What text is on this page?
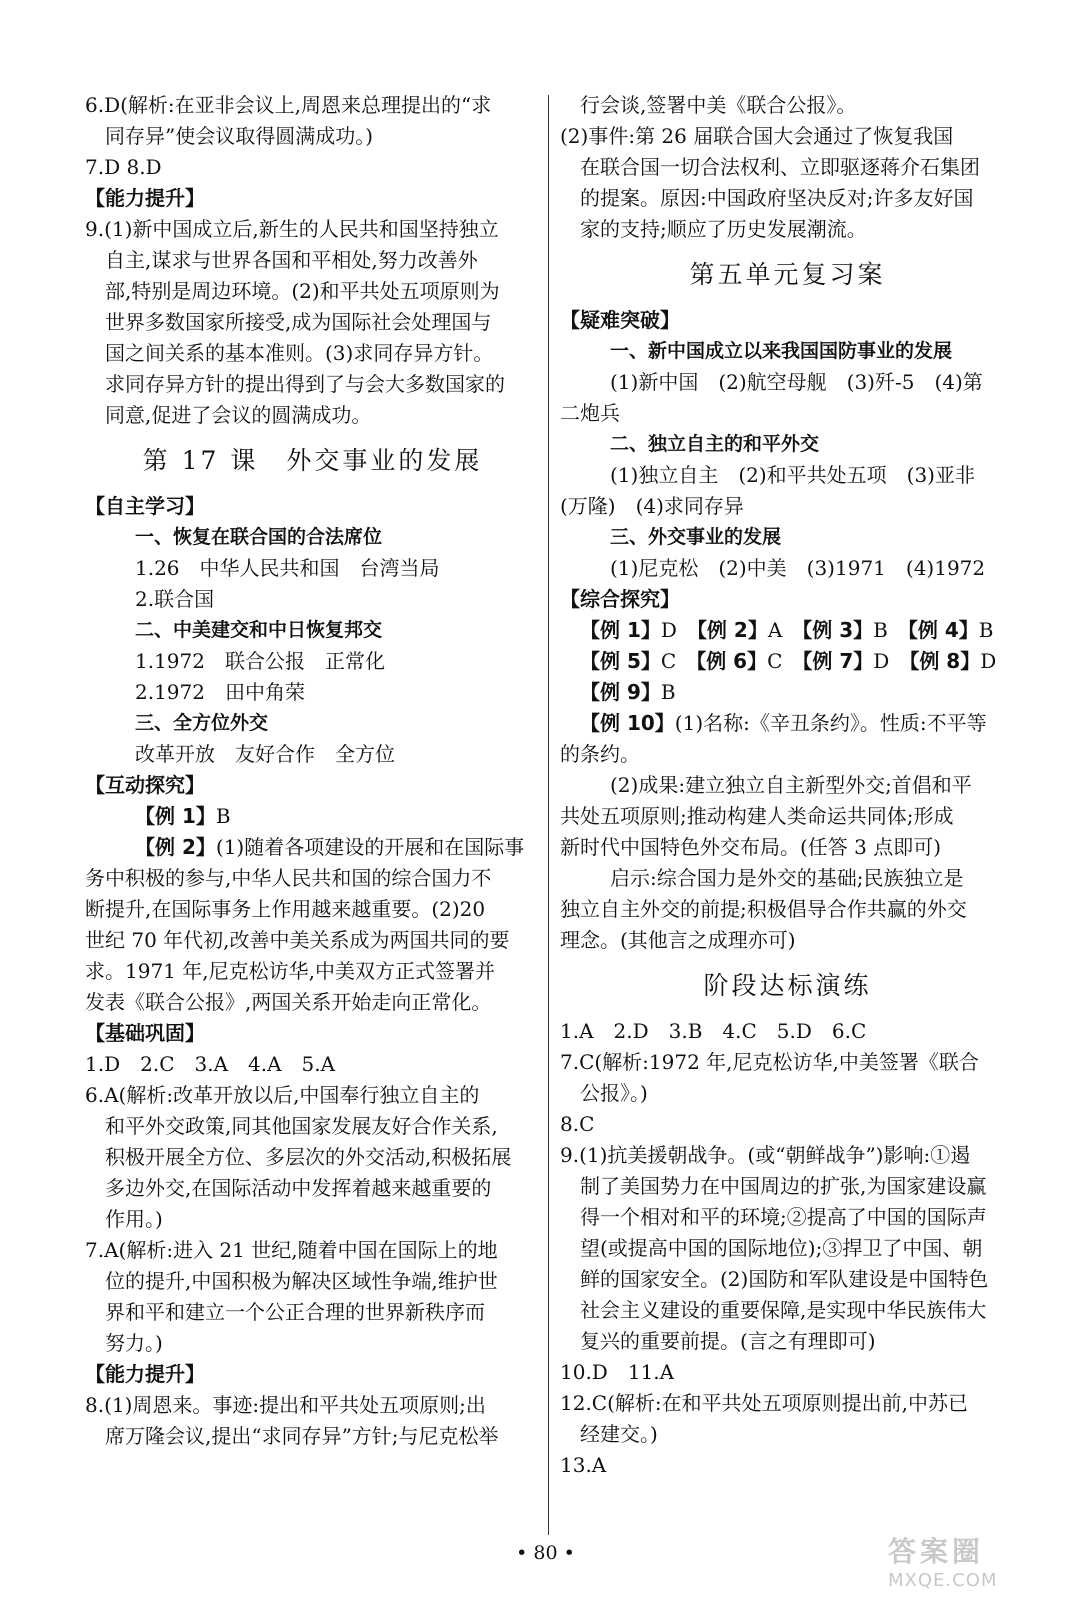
6.D(解析:在亚非会议上,周恩来总理提出的“求
同存异”使会议取得圆满成功。)
7.D 8.D
【能力提升】
9.(1)新中国成立后,新生的人民共和国坚持独立
自主,谋求与世界各国和平相处,努力改善外
部,特别是周边环境。(2)和平共处五项原则为
世界多数国家所接受,成为国际社会处理国与
国之间关系的基本准则。(3)求同存异方针。
求同存异方针的提出得到了与会大多数国家的
同意,促进了会议的圆满成功。
第 17 课　外交事业的发展
【自主学习】
一、恢复在联合国的合法席位
1.26　中华人民共和国　台湾当局
2.联合国
二、中美建交和中日恢复邦交
1.1972　联合公报　正常化
2.1972　田中角荣
三、全方位外交
改革开放　友好合作　全方位
【互动探究】
【例 1】B
【例 2】(1)随着各项建设的开展和在国际事
务中积极的参与,中华人民共和国的综合国力不
断提升,在国际事务上作用越来越重要。(2)20
世纪 70 年代初,改善中美关系成为两国共同的要
求。1971 年,尼克松访华,中美双方正式签署并
发表《联合公报》,两国关系开始走向正常化。
【基础巩固】
1.D　2.C　3.A　4.A　5.A
6.A(解析:改革开放以后,中国奉行独立自主的
和平外交政策,同其他国家发展友好合作关系,
积极开展全方位、多层次的外交活动,积极拓展
多边外交,在国际活动中发挥着越来越重要的
作用。)
7.A(解析:进入 21 世纪,随着中国在国际上的地
位的提升,中国积极为解决区域性争端,维护世
界和平和建立一个公正合理的世界新秩序而
努力。)
【能力提升】
8.(1)周恩来。事迹:提出和平共处五项原则;出
席万隆会议,提出“求同存异”方针;与尼克松举
行会谈,签署中美《联合公报》。
(2)事件:第 26 届联合国大会通过了恢复我国
在联合国一切合法权利、立即驱逐蒋介石集团
的提案。原因:中国政府坚决反对;许多友好国
家的支持;顺应了历史发展潮流。
第五单元复习案
【疑难突破】
一、新中国成立以来我国国防事业的发展
(1)新中国　(2)航空母舰　(3)歼-5　(4)第
二炮兵
二、独立自主的和平外交
(1)独立自主　(2)和平共处五项　(3)亚非
(万隆)　(4)求同存异
三、外交事业的发展
(1)尼克松　(2)中美　(3)1971　(4)1972
【综合探究】
【例 1】D　【例 2】A　【例 3】B　【例 4】B
【例 5】C　【例 6】C　【例 7】D　【例 8】D
【例 9】B
【例 10】(1)名称:《辛丑条约》。性质:不平等
的条约。
(2)成果:建立独立自主新型外交;首倡和平
共处五项原则;推动构建人类命运共同体;形成
新时代中国特色外交布局。(任答 3 点即可)
启示:综合国力是外交的基础;民族独立是
独立自主外交的前提;积极倡导合作共赢的外交
理念。(其他言之成理亦可)
阶段达标演练
1.A　2.D　3.B　4.C　5.D　6.C
7.C(解析:1972 年,尼克松访华,中美签署《联合
公报》。)
8.C
9.(1)抗美援朝战争。(或“朝鲜战争”)影响:①遏
制了美国势力在中国周边的扩张,为国家建设赢
得一个相对和平的环境;②提高了中国的国际声
望(或提高中国的国际地位);③捍卫了中国、朝
鲜的国家安全。(2)国防和军队建设是中国特色
社会主义建设的重要保障,是实现中华民族伟大
复兴的重要前提。(言之有理即可)
10.D　11.A
12.C(解析:在和平共处五项原则提出前,中苏已
经建交。)
13.A
• 80 •	答案圈
MXQE.COM
